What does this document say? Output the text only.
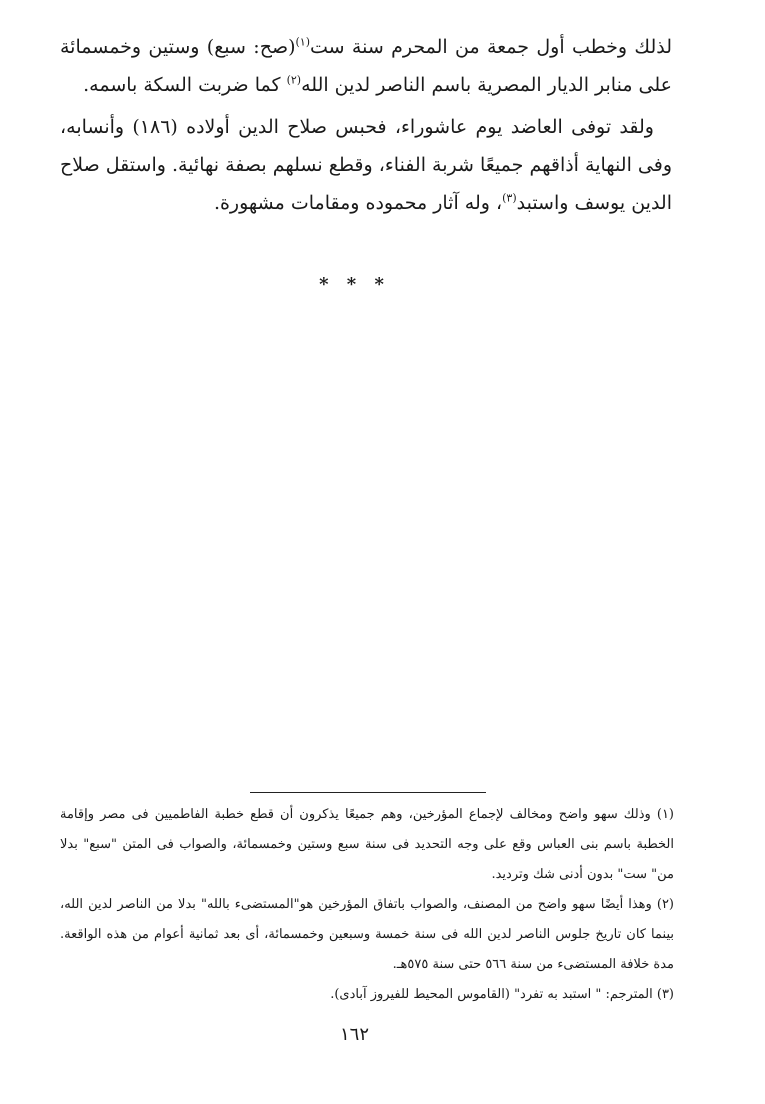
لذلك وخطب أول جمعة من المحرم سنة ست$^{(١)}$(صح: سبع) وستين وخمسمائة على منابر الديار المصرية باسم الناصر لدين الله$^{(٢)}$ كما ضربت السكة باسمه.

ولقد توفى العاضد يوم عاشوراء، فحبس صلاح الدين أولاده (١٨٦) وأنسابه، وفى النهاية أذاقهم جميعًا شربة الفناء، وقطع نسلهم بصفة نهائية. واستقل صلاح الدين يوسف واستبد$^{(٣)}$، وله آثار محموده ومقامات مشهورة.

* * *

(١) وذلك سهو واضح ومخالف لإجماع المؤرخين، وهم جميعًا يذكرون أن قطع خطبة الفاطميين فى مصر وإقامة الخطبة باسم بنى العباس وقع على وجه التحديد فى سنة سبع وستين وخمسمائة، والصواب فى المتن "سبع" بدلا من" ست" بدون أدنى شك وترديد.

(٢) وهذا أيضًا سهو واضح من المصنف، والصواب باتفاق المؤرخين هو"المستضىء بالله" بدلا من الناصر لدين الله، بينما كان تاريخ جلوس الناصر لدين الله فى سنة خمسة وسبعين وخمسمائة، أى بعد ثمانية أعوام من هذه الواقعة. مدة خلافة المستضىء من سنة ٥٦٦ حتى سنة ٥٧٥هـ.

(٣) المترجم: " استبد به تفرد" (القاموس المحيط للفيروز آبادى).

١٦٢
